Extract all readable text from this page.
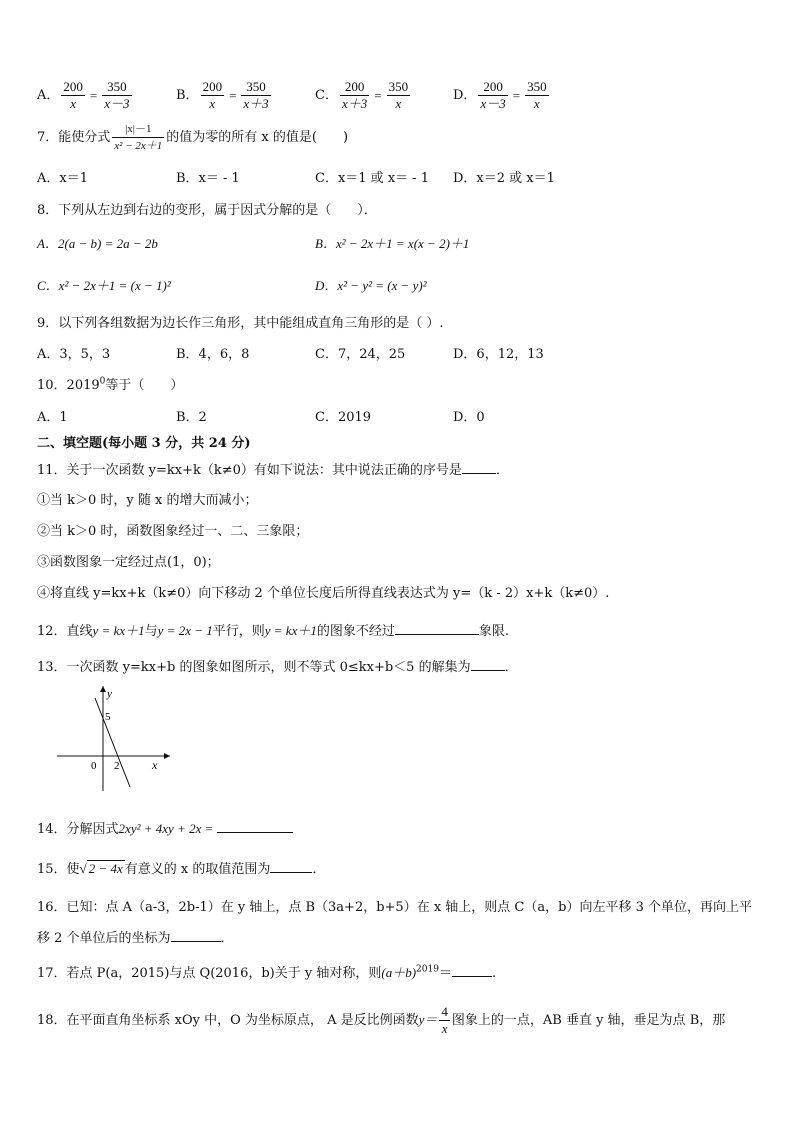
A． $\frac{200}{x} = \frac{350}{x-3}$	B． $\frac{200}{x} = \frac{350}{x+3}$	C． $\frac{200}{x+3} = \frac{350}{x}$	D． $\frac{200}{x-3} = \frac{350}{x}$
7．能使分式 $\frac{|x|-1}{\text{x² − 2x＋1}}$ 的值为零的所有 x 的值是(　　)
A．x＝1	B．x＝ - 1	C．x＝1 或 x＝ - 1 D．x＝2 或 x＝1
8．下列从左边到右边的变形，属于因式分解的是（　　）．
A．2(a − b) = 2a − 2b	B．x² − 2x＋1 = x(x − 2)＋1
C．x² − 2x＋1 = (x − 1)²	D．x² − y² = (x − y)²
9．以下列各组数据为边长作三角形，其中能组成直角三角形的是（ ）.
A．3，5，3	B．4，6，8	C．7，24，25	D．6，12，13
10．2019$^0$等于（　　）
A．1	B．2	C．2019	D．0
二、填空题(每小题 3 分，共 24 分)
11．关于一次函数 y=kx+k（k≠0）有如下说法：其中说法正确的序号是	．
①当 k＞0 时，y 随 x 的增大而减小；
②当 k＞0 时，函数图象经过一、二、三象限；
③函数图象一定经过点(1，0)；
④将直线 y=kx+k（k≠0）向下移动 2 个单位长度后所得直线表达式为 y=（k - 2）x+k（k≠0）.
12．直线y = kx＋1与y = 2x − 1平行，则y = kx＋1的图象不经过	象限.
13．一次函数 y=kx+b 的图象如图所示，则不等式 0≤kx+b＜5 的解集为	．
y
x
0 2
5
14．分解因式2xy² + 4xy + 2x =
15．使√ 2 − 4x 有意义的 x 的取值范围为	．
16．已知：点 A（a-3，2b-1）在 y 轴上，点 B（3a+2，b+5）在 x 轴上，则点 C（a，b）向左平移 3 个单位，再向上平
移 2 个单位后的坐标为	．
17．若点 P(a，2015)与点 Q(2016，b)关于 y 轴对称，则$(a+b)^{2019}=$	.
18．在平面直角坐标系 xOy 中，O 为坐标原点， A 是反比例函数$y= \frac{4}{x}$ 图象上的一点，AB 垂直 y 轴，垂足为点 B，那
